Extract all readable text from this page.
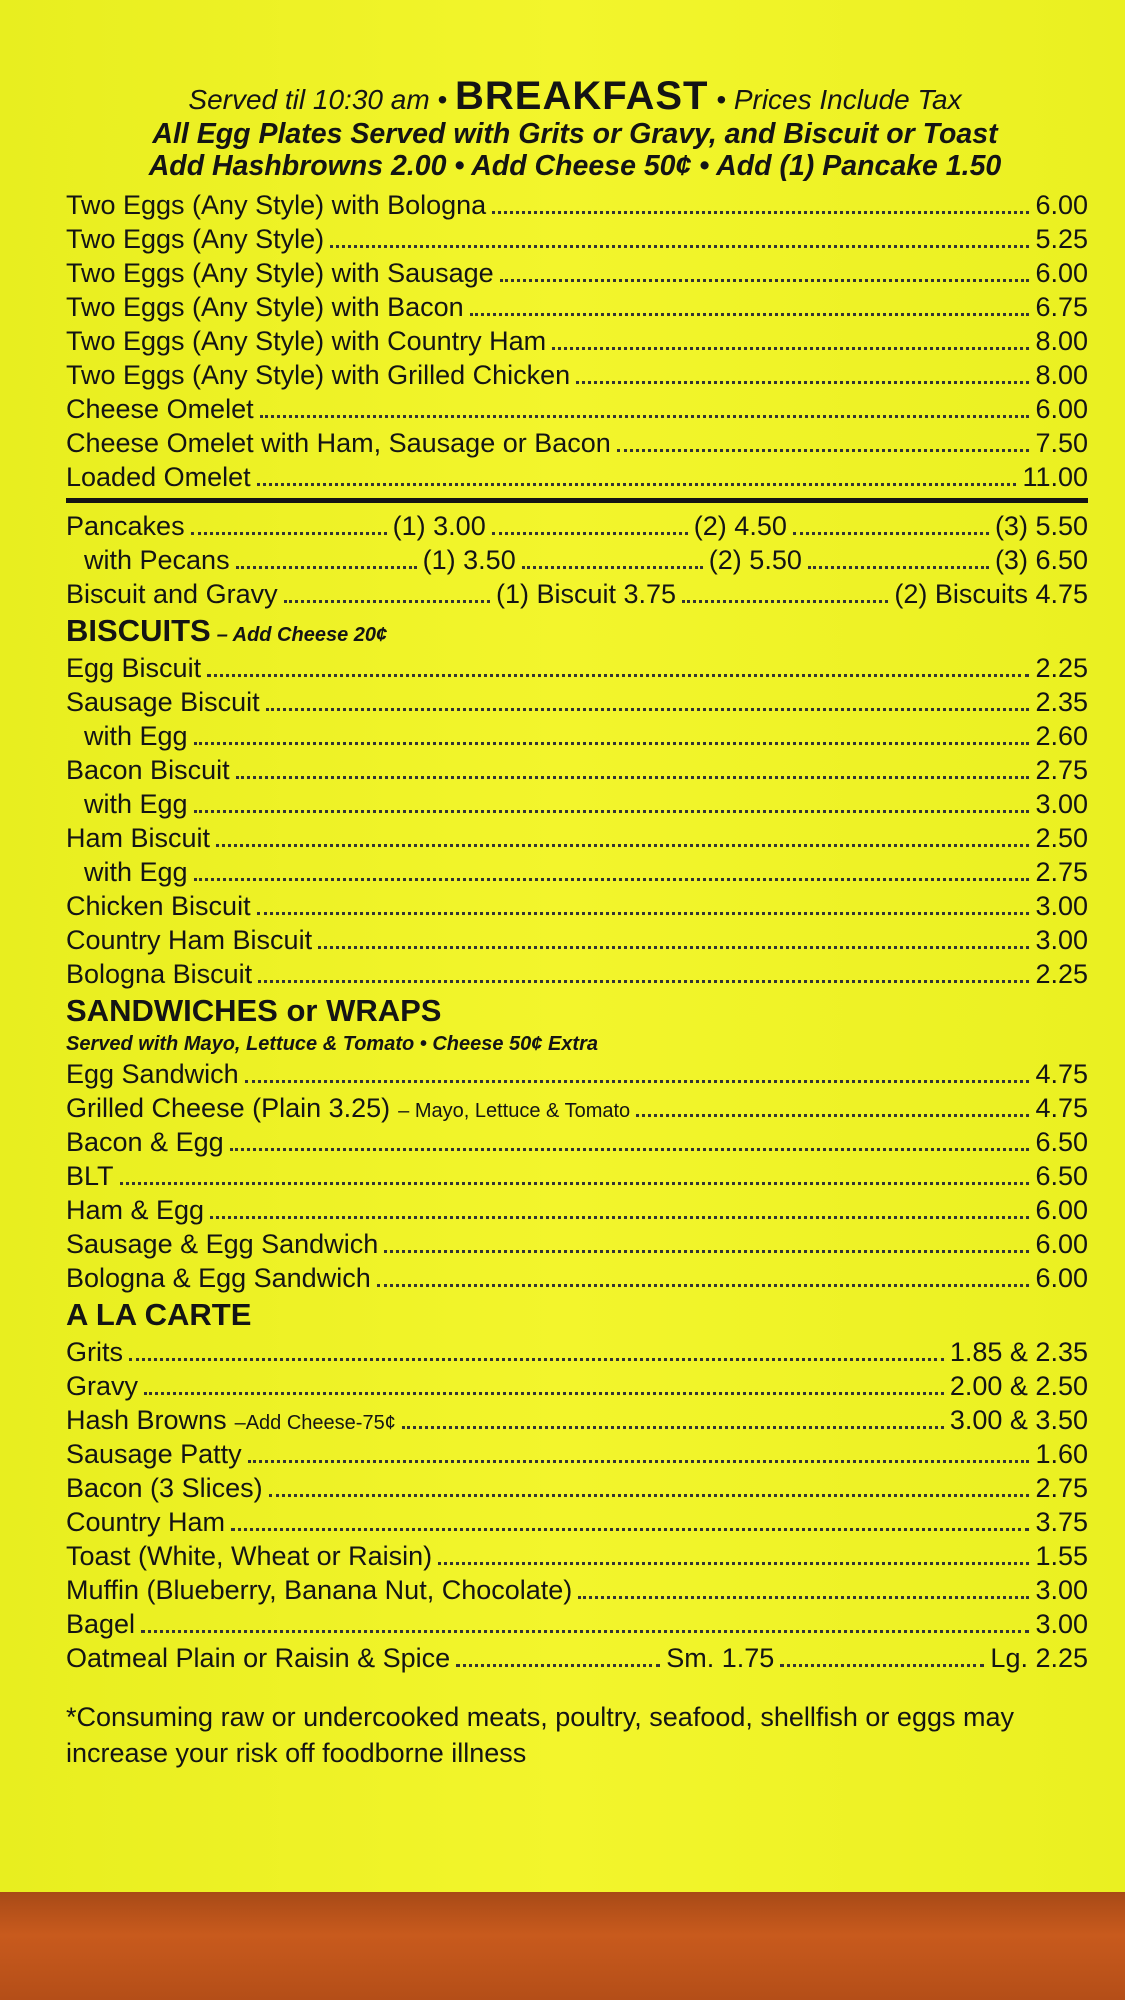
Served til 10:30 am • BREAKFAST • Prices Include Tax
All Egg Plates Served with Grits or Gravy, and Biscuit or Toast
Add Hashbrowns 2.00 • Add Cheese 50¢ • Add (1) Pancake 1.50
Two Eggs (Any Style) with Bologna	6.00
Two Eggs (Any Style)	5.25
Two Eggs (Any Style) with Sausage	6.00
Two Eggs (Any Style) with Bacon	6.75
Two Eggs (Any Style) with Country Ham	8.00
Two Eggs (Any Style) with Grilled Chicken	8.00
Cheese Omelet	6.00
Cheese Omelet with Ham, Sausage or Bacon	7.50
Loaded Omelet	11.00
Pancakes	(1) 3.00	(2) 4.50	(3) 5.50
with Pecans	(1) 3.50	(2) 5.50	(3) 6.50
Biscuit and Gravy	(1) Biscuit 3.75	(2) Biscuits 4.75
BISCUITS – Add Cheese 20¢
Egg Biscuit	2.25
Sausage Biscuit	2.35
with Egg	2.60
Bacon Biscuit	2.75
with Egg	3.00
Ham Biscuit	2.50
with Egg	2.75
Chicken Biscuit	3.00
Country Ham Biscuit	3.00
Bologna Biscuit	2.25
SANDWICHES or WRAPS
Served with Mayo, Lettuce & Tomato • Cheese 50¢ Extra
Egg Sandwich	4.75
Grilled Cheese (Plain 3.25) – Mayo, Lettuce & Tomato	4.75
Bacon & Egg	6.50
BLT	6.50
Ham & Egg	6.00
Sausage & Egg Sandwich	6.00
Bologna & Egg Sandwich	6.00
A LA CARTE
Grits	1.85 & 2.35
Gravy	2.00 & 2.50
Hash Browns –Add Cheese-75¢	3.00 & 3.50
Sausage Patty	1.60
Bacon (3 Slices)	2.75
Country Ham	3.75
Toast (White, Wheat or Raisin)	1.55
Muffin (Blueberry, Banana Nut, Chocolate)	3.00
Bagel	3.00
Oatmeal Plain or Raisin & Spice	Sm. 1.75	Lg. 2.25
*Consuming raw or undercooked meats, poultry, seafood, shellfish or eggs may increase your risk off foodborne illness
